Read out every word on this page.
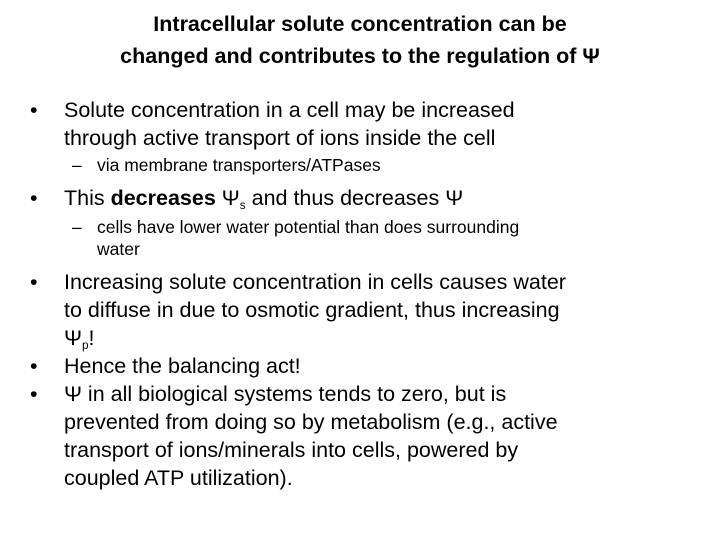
Intracellular solute concentration can be
changed and contributes to the regulation of Ψ
• Solute concentration in a cell may be increased
through active transport of ions inside the cell
– via membrane transporters/ATPases
• This decreases $\Psi_s$ and thus decreases Ψ
– cells have lower water potential than does surrounding
water
• Increasing solute concentration in cells causes water
to diffuse in due to osmotic gradient, thus increasing
$\Psi_p$!
• Hence the balancing act!
• Ψ in all biological systems tends to zero, but is
prevented from doing so by metabolism (e.g., active
transport of ions/minerals into cells, powered by
coupled ATP utilization).
